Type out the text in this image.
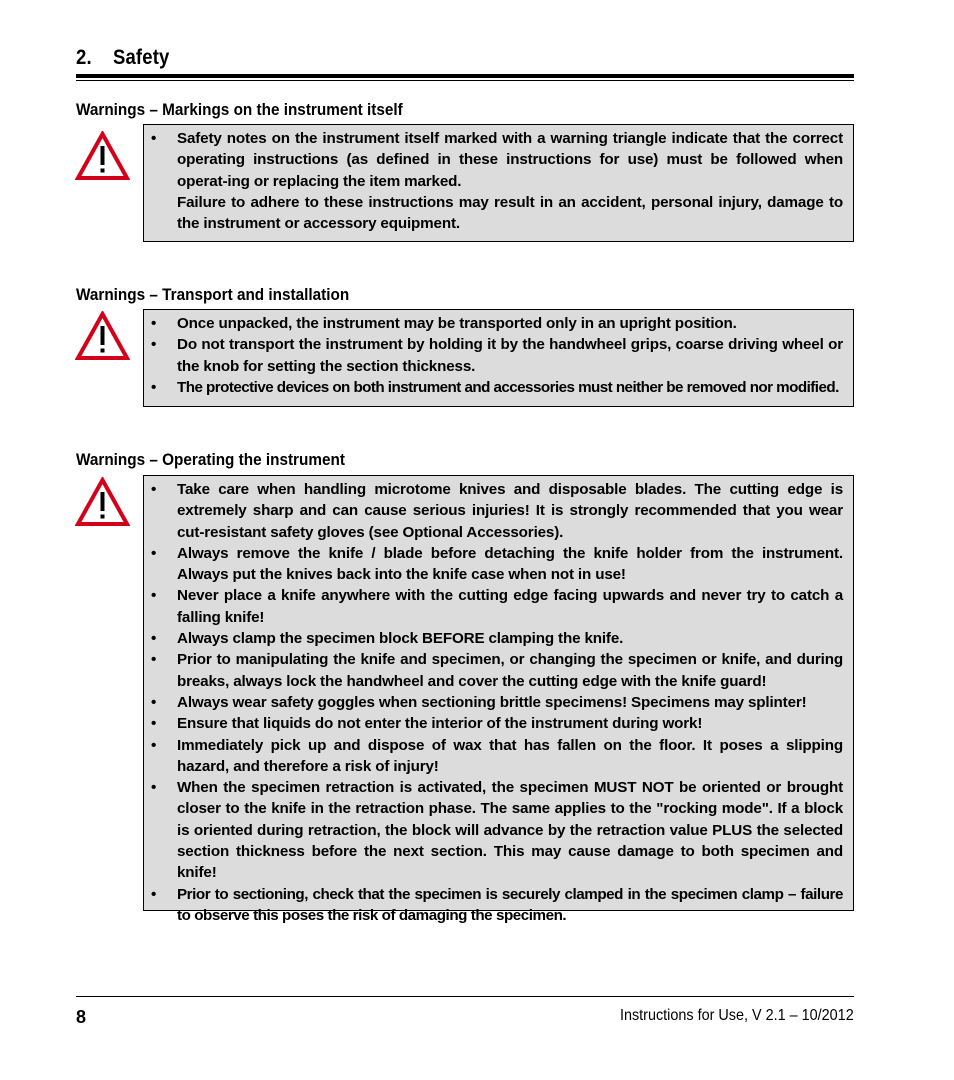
2. Safety
Warnings – Markings on the instrument itself
•	Safety notes on the instrument itself marked with a warning triangle indicate that the correct operating instructions (as defined in these instructions for use) must be followed when operat-ing or replacing the item marked.
Failure to adhere to these instructions may result in an accident, personal injury, damage to the instrument or accessory equipment.
Warnings – Transport and installation
•	Once unpacked, the instrument may be transported only in an upright position.
•	Do not transport the instrument by holding it by the handwheel grips, coarse driving wheel or the knob for setting the section thickness.
•	The protective devices on both instrument and accessories must neither be removed nor modified.
Warnings – Operating the instrument
•	Take care when handling microtome knives and disposable blades. The cutting edge is extremely sharp and can cause serious injuries! It is strongly recommended that you wear cut-resistant safety gloves (see Optional Accessories).
•	Always remove the knife / blade before detaching the knife holder from the instrument. Always put the knives back into the knife case when not in use!
•	Never place a knife anywhere with the cutting edge facing upwards and never try to catch a falling knife!
•	Always clamp the specimen block BEFORE clamping the knife.
•	Prior to manipulating the knife and specimen, or changing the specimen or knife, and during breaks, always lock the handwheel and cover the cutting edge with the knife guard!
•	Always wear safety goggles when sectioning brittle specimens! Specimens may splinter!
•	Ensure that liquids do not enter the interior of the instrument during work!
•	Immediately pick up and dispose of wax that has fallen on the floor. It poses a slipping hazard, and therefore a risk of injury!
•	When the specimen retraction is activated, the specimen MUST NOT be oriented or brought closer to the knife in the retraction phase. The same applies to the "rocking mode". If a block is oriented during retraction, the block will advance by the retraction value PLUS the selected section thickness before the next section. This may cause damage to both specimen and knife!
•	Prior to sectioning, check that the specimen is securely clamped in the specimen clamp – failure to observe this poses the risk of damaging the specimen.
8	Instructions for Use, V 2.1 – 10/2012
